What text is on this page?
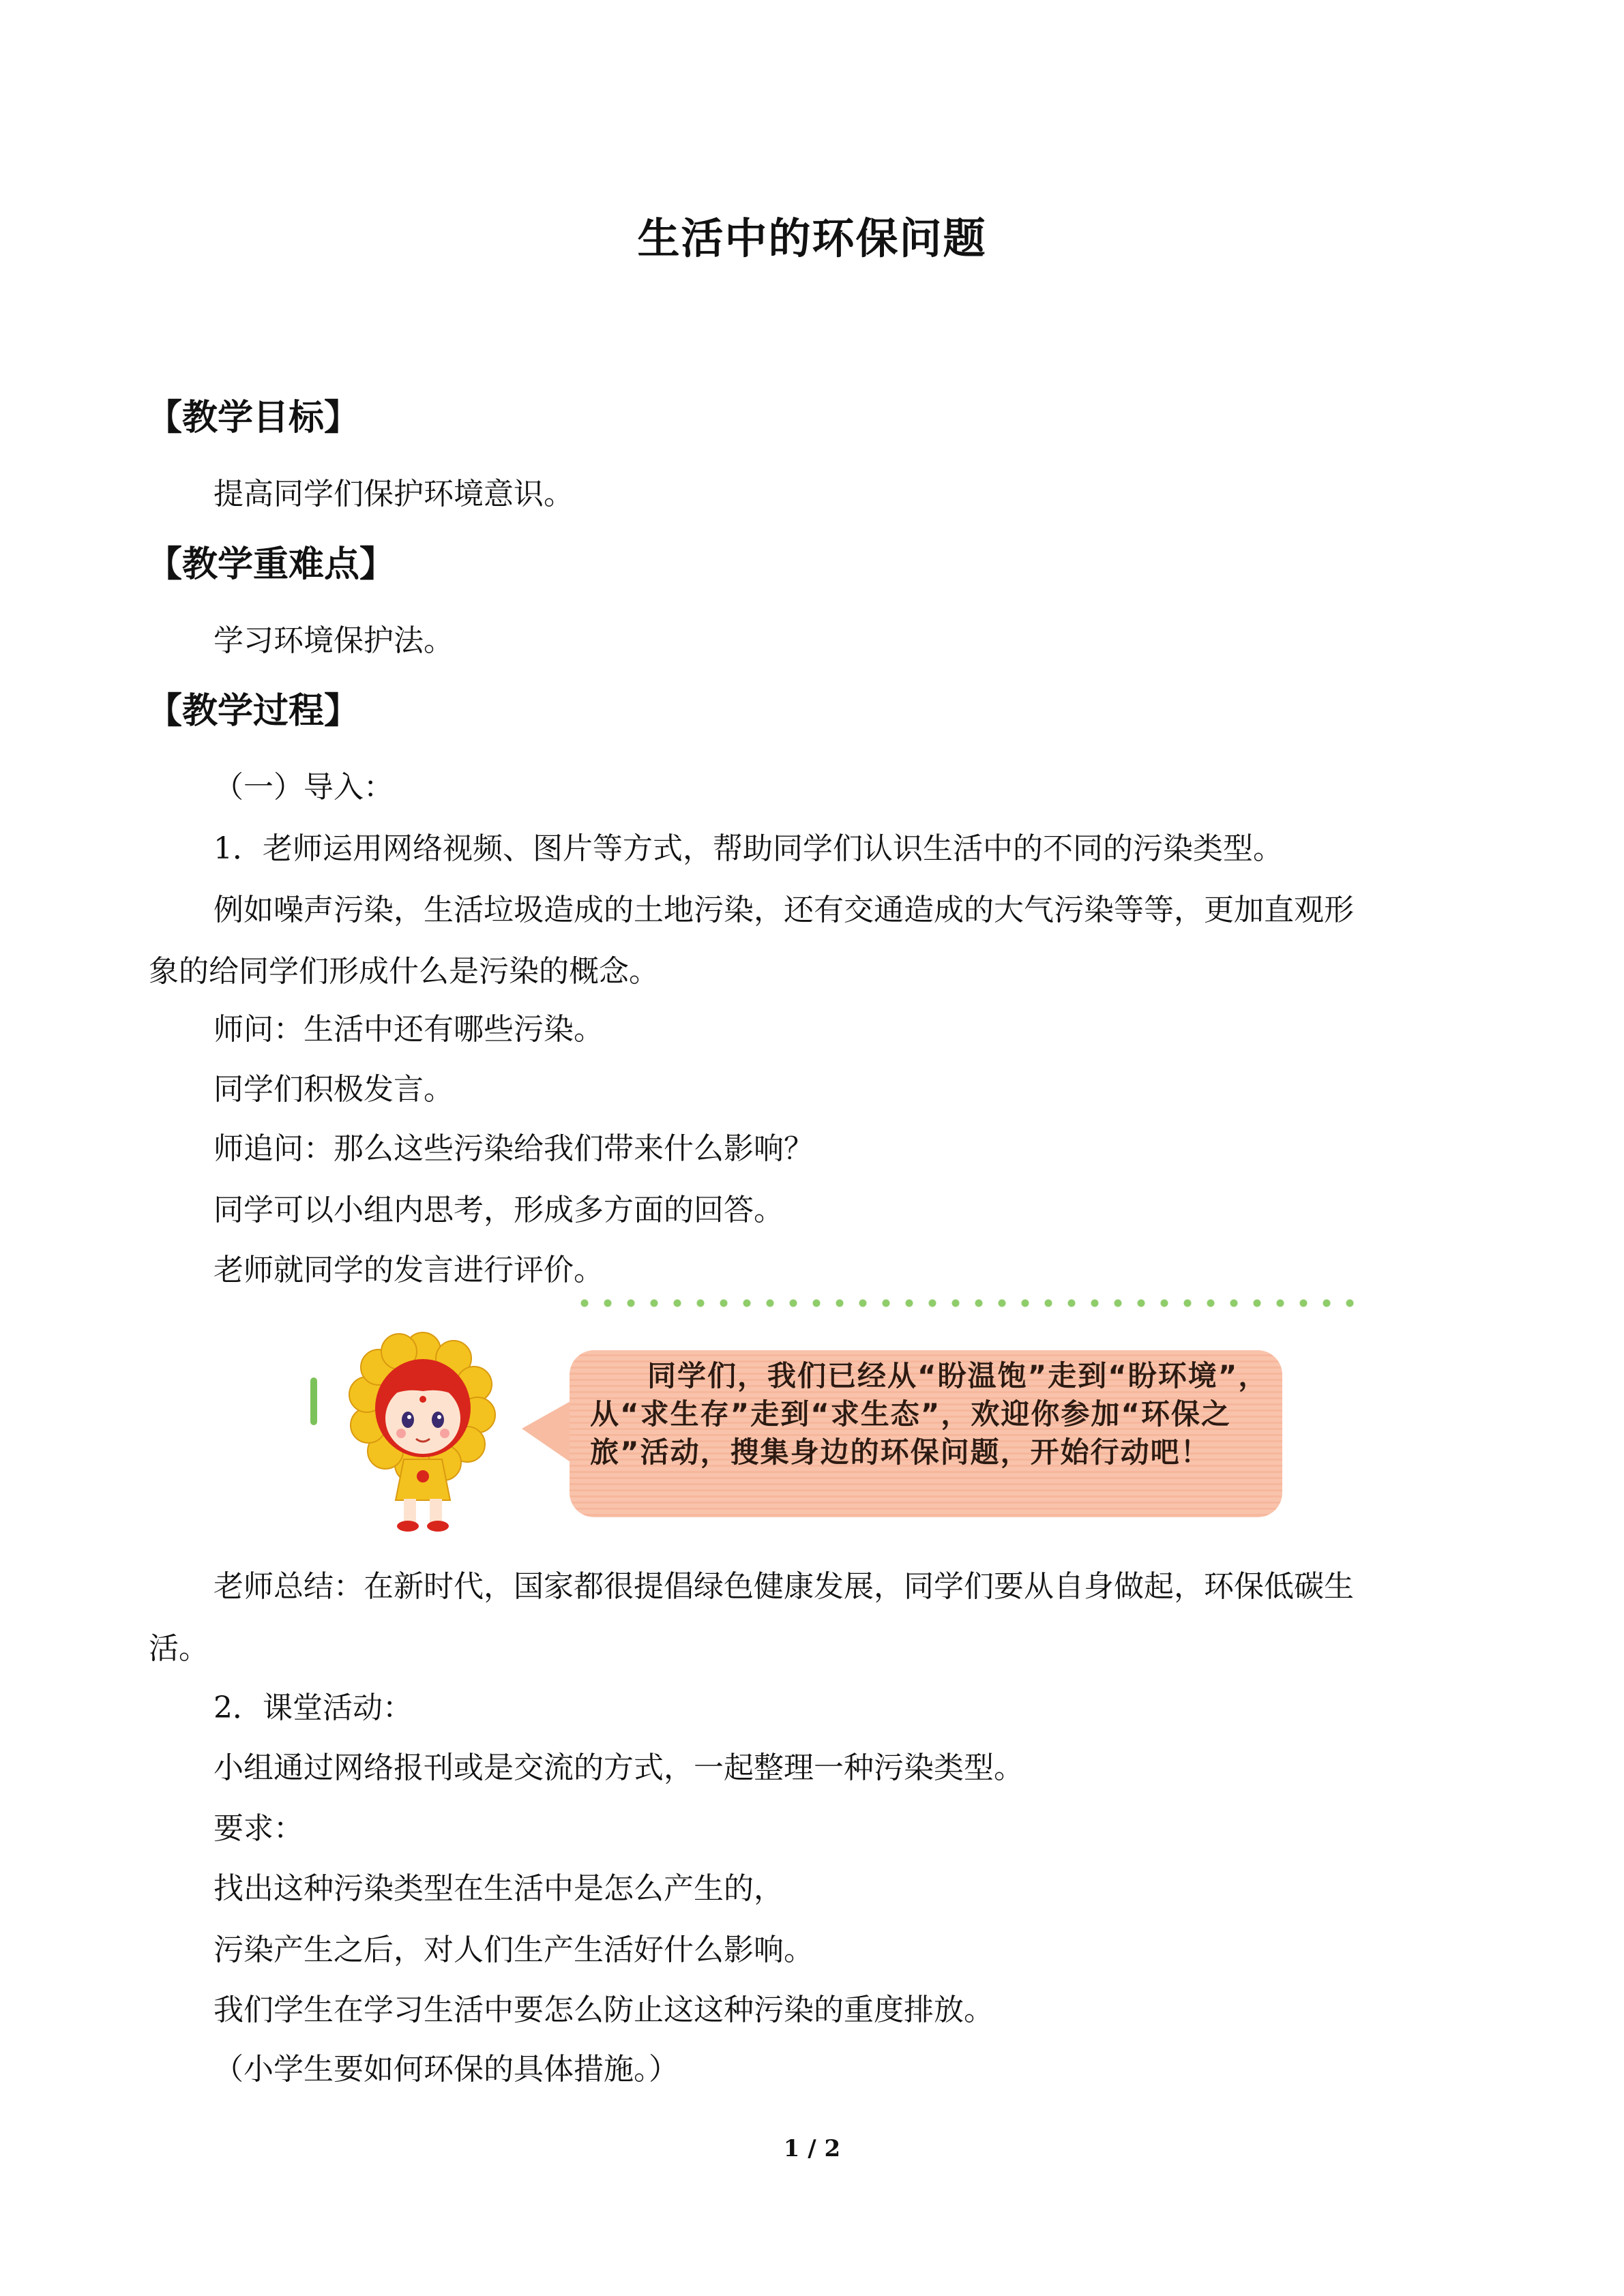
生活中的环保问题
【教学目标】
提高同学们保护环境意识。
【教学重难点】
学习环境保护法。
【教学过程】
（一）导入：
1．老师运用网络视频、图片等方式，帮助同学们认识生活中的不同的污染类型。
例如噪声污染，生活垃圾造成的土地污染，还有交通造成的大气污染等等，更加直观形
象的给同学们形成什么是污染的概念。
师问：生活中还有哪些污染。
同学们积极发言。
师追问：那么这些污染给我们带来什么影响？
同学可以小组内思考，形成多方面的回答。
老师就同学的发言进行评价。
同学们，我们已经从“盼温饱”走到“盼环境”，从“求生存”走到“求生态”，欢迎你参加“环保之旅”活动，搜集身边的环保问题，开始行动吧！
老师总结：在新时代，国家都很提倡绿色健康发展，同学们要从自身做起，环保低碳生
活。
2．课堂活动：
小组通过网络报刊或是交流的方式，一起整理一种污染类型。
要求：
找出这种污染类型在生活中是怎么产生的，
污染产生之后，对人们生产生活好什么影响。
我们学生在学习生活中要怎么防止这这种污染的重度排放。
（小学生要如何环保的具体措施。）
1 / 2
